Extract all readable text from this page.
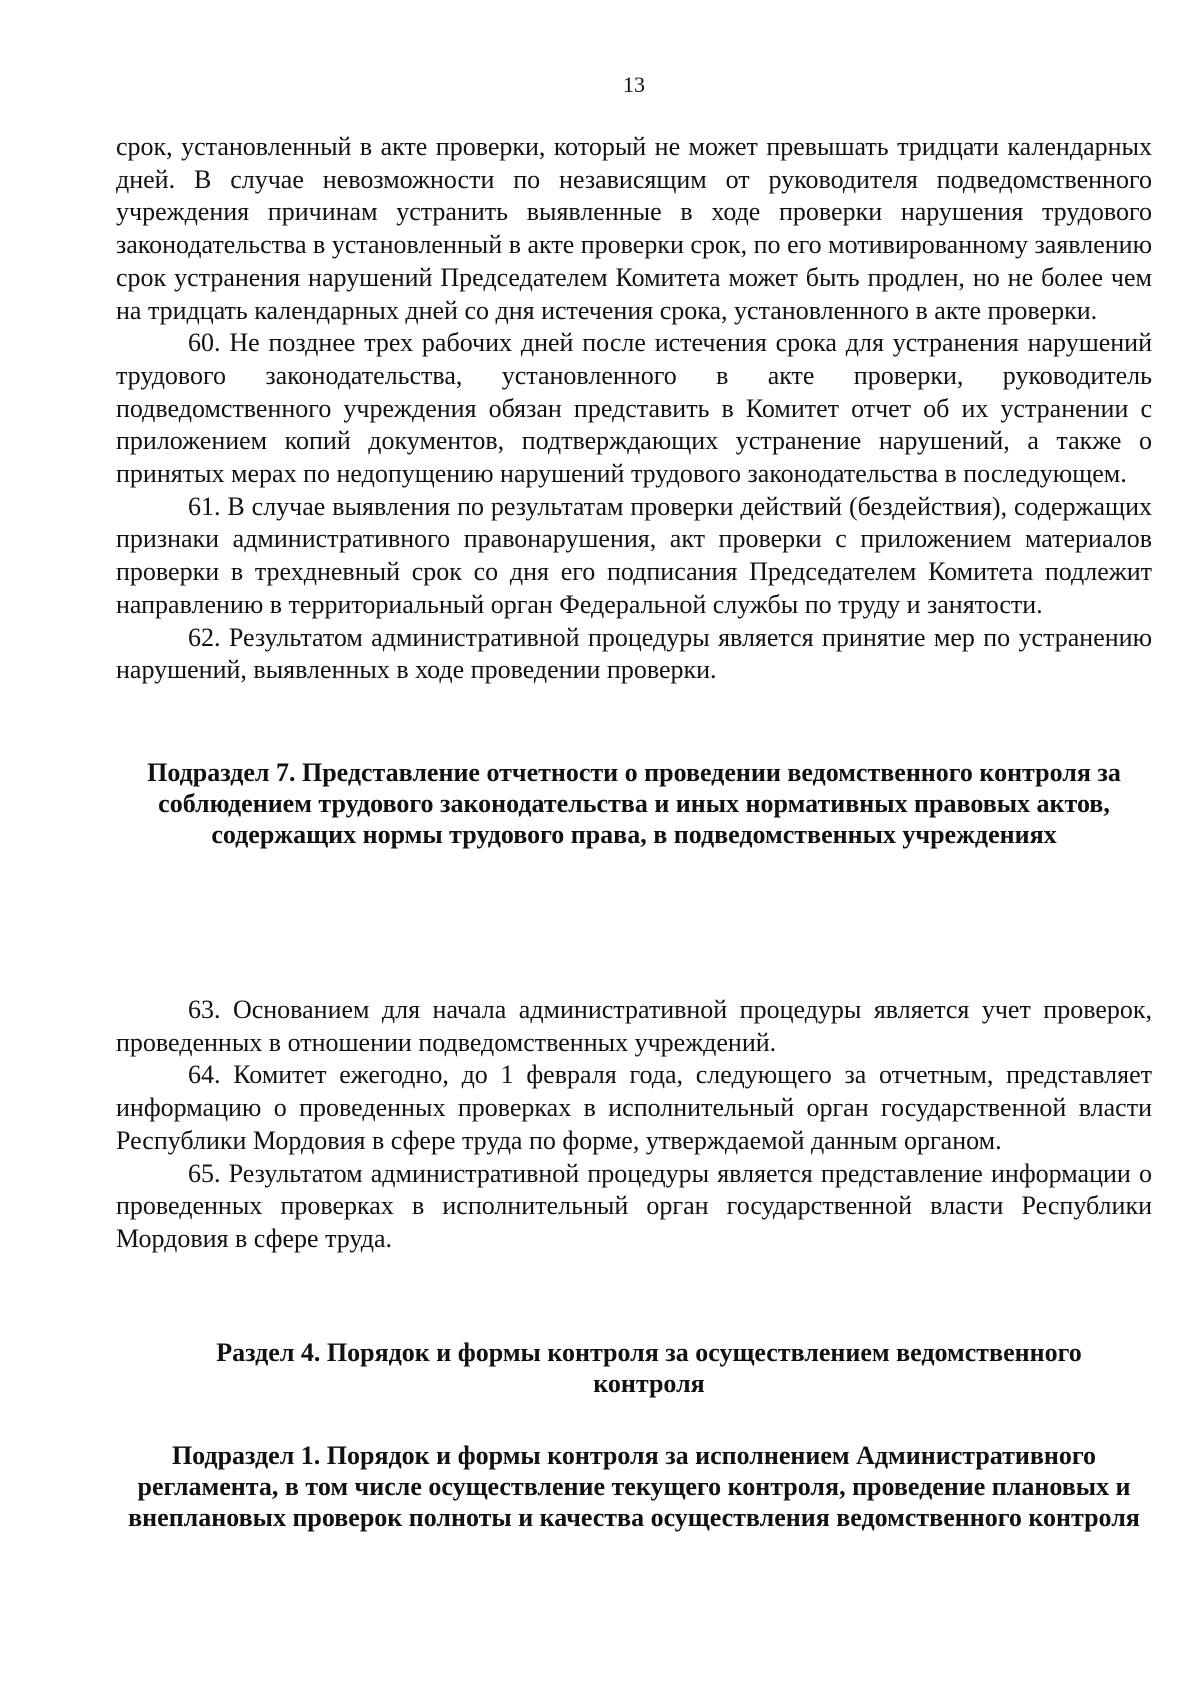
13

срок, установленный в акте проверки, который не может превышать тридцати календарных дней. В случае невозможности по независящим от руководителя подведомственного учреждения причинам устранить выявленные в ходе проверки нарушения трудового законодательства в установленный в акте проверки срок, по его мотивированному заявлению срок устранения нарушений Председателем Комитета может быть продлен, но не более чем на тридцать календарных дней со дня истечения срока, установленного в акте проверки.

60. Не позднее трех рабочих дней после истечения срока для устранения нарушений трудового законодательства, установленного в акте проверки, руководитель подведомственного учреждения обязан представить в Комитет отчет об их устранении с приложением копий документов, подтверждающих устранение нарушений, а также о принятых мерах по недопущению нарушений трудового законодательства в последующем.

61. В случае выявления по результатам проверки действий (бездействия), содержащих признаки административного правонарушения, акт проверки с приложением материалов проверки в трехдневный срок со дня его подписания Председателем Комитета подлежит направлению в территориальный орган Федеральной службы по труду и занятости.

62. Результатом административной процедуры является принятие мер по устранению нарушений, выявленных в ходе проведении проверки.

Подраздел 7. Представление отчетности о проведении ведомственного контроля за соблюдением трудового законодательства и иных нормативных правовых актов, содержащих нормы трудового права, в подведомственных учреждениях

63. Основанием для начала административной процедуры является учет проверок, проведенных в отношении подведомственных учреждений.

64. Комитет ежегодно, до 1 февраля года, следующего за отчетным, представляет информацию о проведенных проверках в исполнительный орган государственной власти Республики Мордовия в сфере труда по форме, утверждаемой данным органом.

65. Результатом административной процедуры является представление информации о проведенных проверках в исполнительный орган государственной власти Республики Мордовия в сфере труда.

Раздел 4. Порядок и формы контроля за осуществлением ведомственного контроля
Подраздел 1. Порядок и формы контроля за исполнением Административного регламента, в том числе осуществление текущего контроля, проведение плановых и внеплановых проверок полноты и качества осуществления ведомственного контроля
